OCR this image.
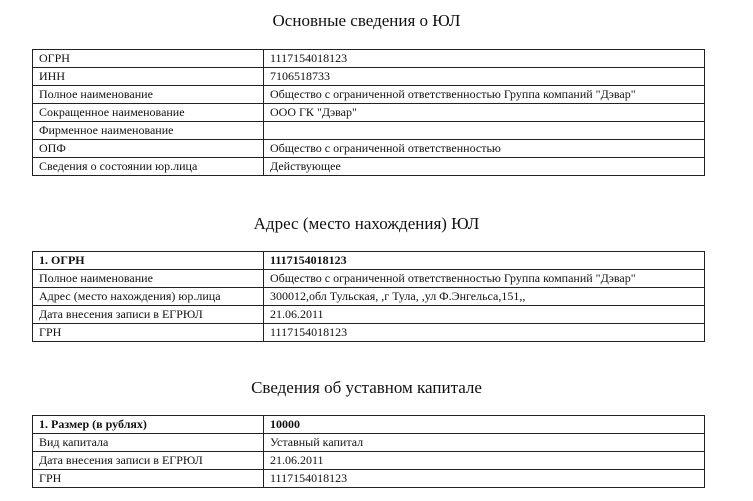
Основные сведения о ЮЛ
ОГРН	1117154018123
ИНН	7106518733
Полное наименование	Общество с ограниченной ответственностью Группа компаний "Дэвар"
Сокращенное наименование	ООО ГК "Дэвар"
Фирменное наименование	
ОПФ	Общество с ограниченной ответственностью
Сведения о состоянии юр.лица	Действующее
Адрес (место нахождения) ЮЛ
1. ОГРН	1117154018123
Полное наименование	Общество с ограниченной ответственностью Группа компаний "Дэвар"
Адрес (место нахождения) юр.лица	300012,обл Тульская, ,г Тула, ,ул Ф.Энгельса,151,,
Дата внесения записи в ЕГРЮЛ	21.06.2011
ГРН	1117154018123
Сведения об уставном капитале
1. Размер (в рублях)	10000
Вид капитала	Уставный капитал
Дата внесения записи в ЕГРЮЛ	21.06.2011
ГРН	1117154018123
